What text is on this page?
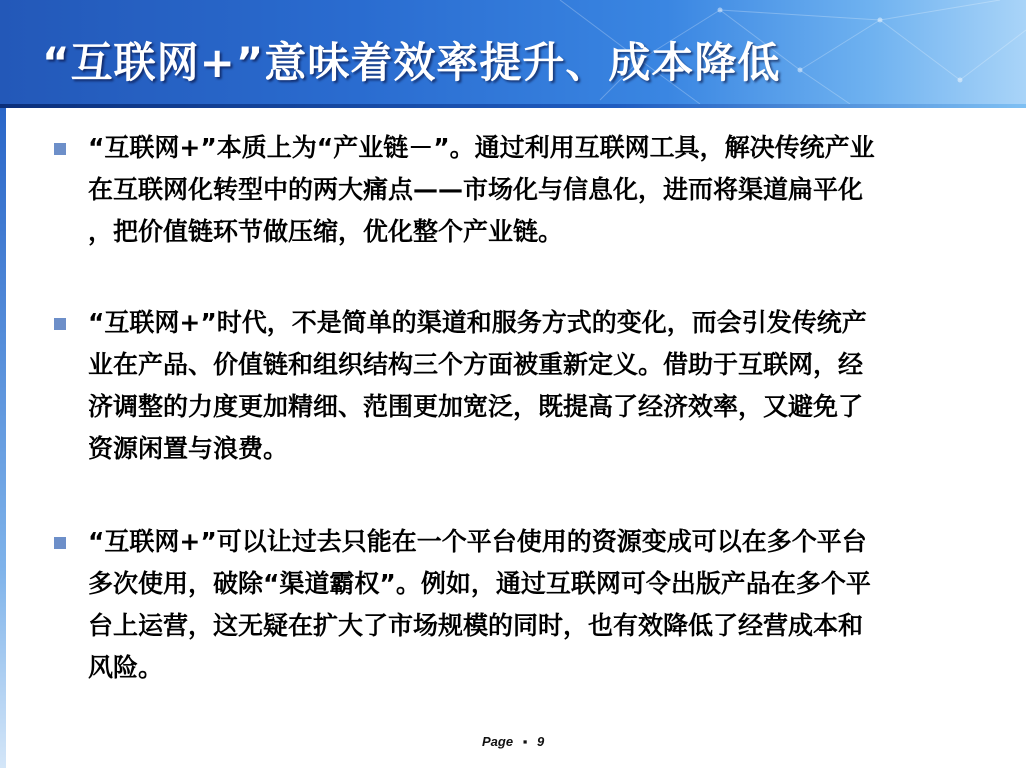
“互联网+”意味着效率提升、成本降低
“互联网+”本质上为“产业链－”。通过利用互联网工具，解决传统产业
在互联网化转型中的两大痛点——市场化与信息化，进而将渠道扁平化
，把价值链环节做压缩，优化整个产业链。
“互联网+”时代，不是简单的渠道和服务方式的变化，而会引发传统产
业在产品、价值链和组织结构三个方面被重新定义。借助于互联网，经
济调整的力度更加精细、范围更加宽泛，既提高了经济效率，又避免了
资源闲置与浪费。
“互联网+”可以让过去只能在一个平台使用的资源变成可以在多个平台
多次使用，破除“渠道霸权”。例如，通过互联网可令出版产品在多个平
台上运营，这无疑在扩大了市场规模的同时，也有效降低了经营成本和
风险。
Page ▪ 9
